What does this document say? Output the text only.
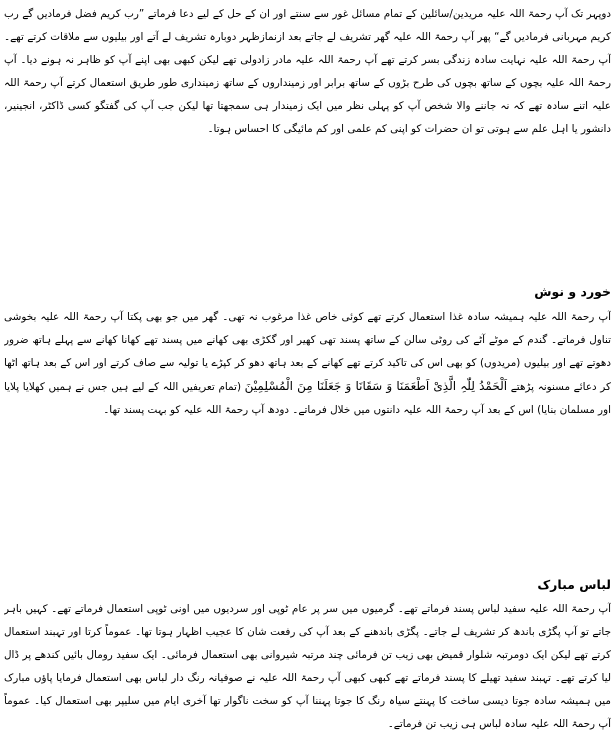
دوپہر تک آپ رحمۃ اللہ علیہ مریدین/سائلین کے تمام مسائل غور سے سنتے اور ان کے حل کے لیے دعا فرماتے ”رب کریم فضل فرمادیں گے رب کریم مہربانی فرمادیں گے“ پھر آپ رحمۃ اللہ علیہ گھر تشریف لے جاتے بعد ازنمازظہر دوبارہ تشریف لے آتے اور بیلیوں سے ملاقات کرتے تھے۔ آپ رحمۃ اللہ علیہ نہایت سادہ زندگی بسر کرتے تھے آپ رحمۃ اللہ علیہ مادر زادولی تھے لیکن کبھی بھی اپنے آپ کو ظاہر نہ ہونے دیا۔ آپ رحمۃ اللہ علیہ بچوں کے ساتھ بچوں کی طرح بڑوں کے ساتھ برابر اور زمینداروں کے ساتھ زمینداری طور طریق استعمال کرتے آپ رحمۃ اللہ علیہ اتنے سادہ تھے کہ نہ جاننے والا شخص آپ کو پہلی نظر میں ایک زمیندار ہی سمجھتا تھا لیکن جب آپ کی گفتگو کسی ڈاکٹر، انجینیر، دانشور یا اہل علم سے ہوتی تو ان حضرات کو اپنی کم علمی اور کم مائیگی کا احساس ہوتا۔

خورد و نوش

آپ رحمۃ اللہ علیہ ہمیشہ سادہ غذا استعمال کرتے تھے کوئی خاص غذا مرغوب نہ تھی۔ گھر میں جو بھی پکتا آپ رحمۃ اللہ علیہ بخوشی تناول فرماتے۔ گندم کے موٹے آٹے کی روٹی سالن کے ساتھ پسند تھی کھیر اور گکڑی بھی کھانے میں پسند تھے کھانا کھانے سے پہلے ہاتھ ضرور دھوتے تھے اور بیلیوں (مریدوں) کو بھی اس کی تاکید کرتے تھے کھانے کے بعد ہاتھ دھو کر کپڑے یا تولیہ سے صاف کرتے اور اس کے بعد ہاتھ اٹھا کر دعائے مسنونہ پڑھتے اَلْحَمْدُ لِلّٰہِ الَّذِیْ اَطْعَمَنَا وَ سَقَانَا وَ جَعَلَنَا مِنَ الْمُسْلِمِیْنَ (تمام تعریفیں اللہ کے لیے ہیں جس نے ہمیں کھلایا پلایا اور مسلمان بنایا) اس کے بعد آپ رحمۃ اللہ علیہ دانتوں میں خلال فرماتے۔ دودھ آپ رحمۃ اللہ علیہ کو بہت پسند تھا۔

لباس مبارک

آپ رحمۃ اللہ علیہ سفید لباس پسند فرماتے تھے۔ گرمیوں میں سر پر عام ٹوپی اور سردیوں میں اونی ٹوپی استعمال فرماتے تھے۔ کہیں باہر جاتے تو آپ پگڑی باندھ کر تشریف لے جاتے۔ پگڑی باندھنے کے بعد آپ کی رفعت شان کا عجیب اظہار ہوتا تھا۔ عموماً کرتا اور تہبند استعمال کرتے تھے لیکن ایک دومرتبہ شلوار قمیض بھی زیب تن فرمائی چند مرتبہ شیروانی بھی استعمال فرمائی۔ ایک سفید رومال بائیں کندھے پر ڈال لیا کرتے تھے۔ تہبند سفید تھیلے کا پسند فرماتے تھے کبھی کبھی آپ رحمۃ اللہ علیہ نے صوفیانہ رنگ دار لباس بھی استعمال فرمایا پاؤں مبارک میں ہمیشہ سادہ جوتا دیسی ساخت کا پہنتے سیاہ رنگ کا جوتا پہننا آپ کو سخت ناگوار تھا آخری ایام میں سلیپر بھی استعمال کیا۔ عموماً آپ رحمۃ اللہ علیہ سادہ لباس ہی زیب تن فرماتے۔
